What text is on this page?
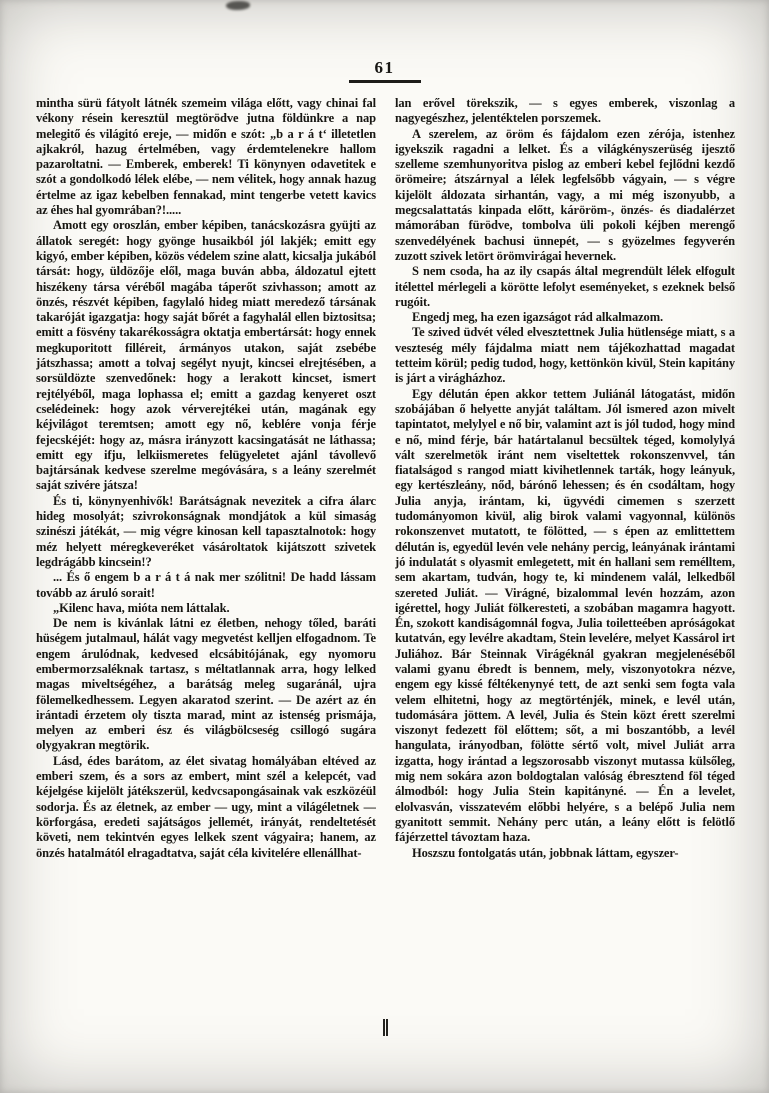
61

mintha sürü fátyolt látnék szemeim világa előtt, vagy chinai fal vékony résein keresztül megtörödve jutna földünkre a nap melegitő és világitó ereje, — midőn e szót: „b a r á t‘ illetetlen ajkakról, hazug értelmében, vagy érdemtelenekre hallom pazaroltatni. — Emberek, emberek! Ti könynyen odavetitek e szót a gondolkodó lélek elébe, — nem vélitek, hogy annak hazug értelme az igaz kebelben fennakad, mint tengerbe vetett kavics az éhes hal gyomrában?!.....

Amott egy oroszlán, ember képiben, tanácskozásra gyüjti az állatok seregét: hogy gyönge husaikból jól lakjék; emitt egy kigyó, ember képiben, közös védelem szine alatt, kicsalja jukából társát: hogy, üldözője elől, maga buván abba, áldozatul ejtett hiszékeny társa véréből magába táperőt szivhasson; amott az önzés, részvét képiben, fagylaló hideg miatt meredező társának takaróját igazgatja: hogy saját bőrét a fagyhalál ellen biztositsa; emitt a fösvény takarékosságra oktatja embertársát: hogy ennek megkuporitott filléreit, ármányos utakon, saját zsebébe játszhassa; amott a tolvaj segélyt nyujt, kincsei elrejtésében, a sorsüldözte szenvedőnek: hogy a lerakott kincset, ismert rejtélyéből, maga lophassa el; emitt a gazdag kenyeret oszt cselédeinek: hogy azok vérverejtékei után, magának egy kéjvilágot teremtsen; amott egy nő, keblére vonja férje fejecskéjét: hogy az, másra irányzott kacsingatását ne láthassa; emitt egy ifju, lelkiismeretes felügyeletet ajánl távollevő bajtársának kedvese szerelme megóvására, s a leány szerelmét saját szivére játsza!

És ti, könynyenhivők! Barátságnak nevezitek a cifra álarc hideg mosolyát; szivrokonságnak mondjátok a kül simaság szinészi játékát, — mig végre kinosan kell tapasztalnotok: hogy méz helyett méregkeveréket vásároltatok kijátszott szivetek legdrágább kincsein!?

... És ő engem b a r á t á nak mer szólitni! De hadd lássam tovább az áruló sorait!

„Kilenc hava, mióta nem láttalak.

De nem is kivánlak látni ez életben, nehogy tőled, baráti hüségem jutalmaul, hálát vagy megvetést kelljen elfogadnom. Te engem árulódnak, kedvesed elcsábitójának, egy nyomoru embermorzsaléknak tartasz, s méltatlannak arra, hogy lelked magas miveltségéhez, a barátság meleg sugaránál, ujra fölemelkedhessem. Legyen akaratod szerint. — De azért az én irántadi érzetem oly tiszta marad, mint az istenség prismája, melyen az emberi ész és világbölcseség csillogó sugára olygyakran megtörik.

Lásd, édes barátom, az élet sivatag homályában eltéved az emberi szem, és a sors az embert, mint szél a kelepcét, vad kéjelgése kijelölt játékszerül, kedvcsapongásainak vak eszközéül sodorja. És az életnek, az ember — ugy, mint a világéletnek — körforgása, eredeti sajátságos jellemét, irányát, rendeltetését követi, nem tekintvén egyes lelkek szent vágyaira; hanem, az önzés hatalmától elragadtatva, saját céla kivitelére ellenállhat-

lan erővel törekszik, — s egyes emberek, viszonlag a nagyegészhez, jelentéktelen porszemek.

A szerelem, az öröm és fájdalom ezen zérója, istenhez igyekszik ragadni a lelket. És a világkényszerüség ijesztő szelleme szemhunyoritva pislog az emberi kebel fejlődni kezdő örömeire; átszárnyal a lélek legfelsőbb vágyain, — s végre kijelölt áldozata sirhantán, vagy, a mi még iszonyubb, a megcsalattatás kinpada előtt, káröröm-, önzés- és diadalérzet mámorában fürödve, tombolva üli pokoli kéjben merengő szenvedélyének bachusi ünnepét, — s gyözelmes fegyverén zuzott szivek letört örömvirágai hevernek.

S nem csoda, ha az ily csapás által megrendült lélek elfogult itélettel mérlegeli a körötte lefolyt eseményeket, s ezeknek belső rugóit.

Engedj meg, ha ezen igazságot rád alkalmazom.

Te szived üdvét véled elvesztettnek Julia hütlensége miatt, s a veszteség mély fájdalma miatt nem tájékozhattad magadat tetteim körül; pedig tudod, hogy, kettönkön kivül, Stein kapitány is járt a virágházhoz.

Egy délután épen akkor tettem Juliánál látogatást, midőn szobájában ő helyette anyját találtam. Jól ismered azon mivelt tapintatot, melylyel e nő bir, valamint azt is jól tudod, hogy mind e nő, mind férje, bár határtalanul becsültek téged, komolylyá vált szerelmetök iránt nem viseltettek rokonszenvvel, tán fiatalságod s rangod miatt kivihetlennek tarták, hogy leányuk, egy kertészleány, nőd, bárónő lehessen; és én csodáltam, hogy Julia anyja, irántam, ki, ügyvédi cimemen s szerzett tudományomon kivül, alig birok valami vagyonnal, különös rokonszenvet mutatott, te fölötted, — s épen az emlittettem délután is, egyedül levén vele nehány percig, leányának irántami jó indulatát s olyasmit emlegetett, mit én hallani sem remélltem, sem akartam, tudván, hogy te, ki mindenem valál, lelkedből szereted Juliát. — Virágné, bizalommal levén hozzám, azon igérettel, hogy Juliát fölkeresteti, a szobában magamra hagyott. Én, szokott kandiságomnál fogva, Julia toiletteében apróságokat kutatván, egy levélre akadtam, Stein levelére, melyet Kassárol irt Juliához. Bár Steinnak Virágéknál gyakran megjelenéséből valami gyanu ébredt is bennem, mely, viszonyotokra nézve, engem egy kissé féltékenynyé tett, de azt senki sem fogta vala velem elhitetni, hogy az megtörténjék, minek, e levél után, tudomására jöttem. A levél, Julia és Stein közt érett szerelmi viszonyt fedezett föl előttem; sőt, a mi boszantóbb, a levél hangulata, irányodban, fölötte sértő volt, mivel Juliát arra izgatta, hogy irántad a legszorosabb viszonyt mutassa külsőleg, mig nem sokára azon boldogtalan valóság ébresztend föl téged álmodból: hogy Julia Stein kapitányné. — Én a levelet, elolvasván, visszatevém előbbi helyére, s a belépő Julia nem gyanitott semmit. Nehány perc után, a leány előtt is felötlő fájérzettel távoztam haza.

Hoszszu fontolgatás után, jobbnak láttam, egyszer-
